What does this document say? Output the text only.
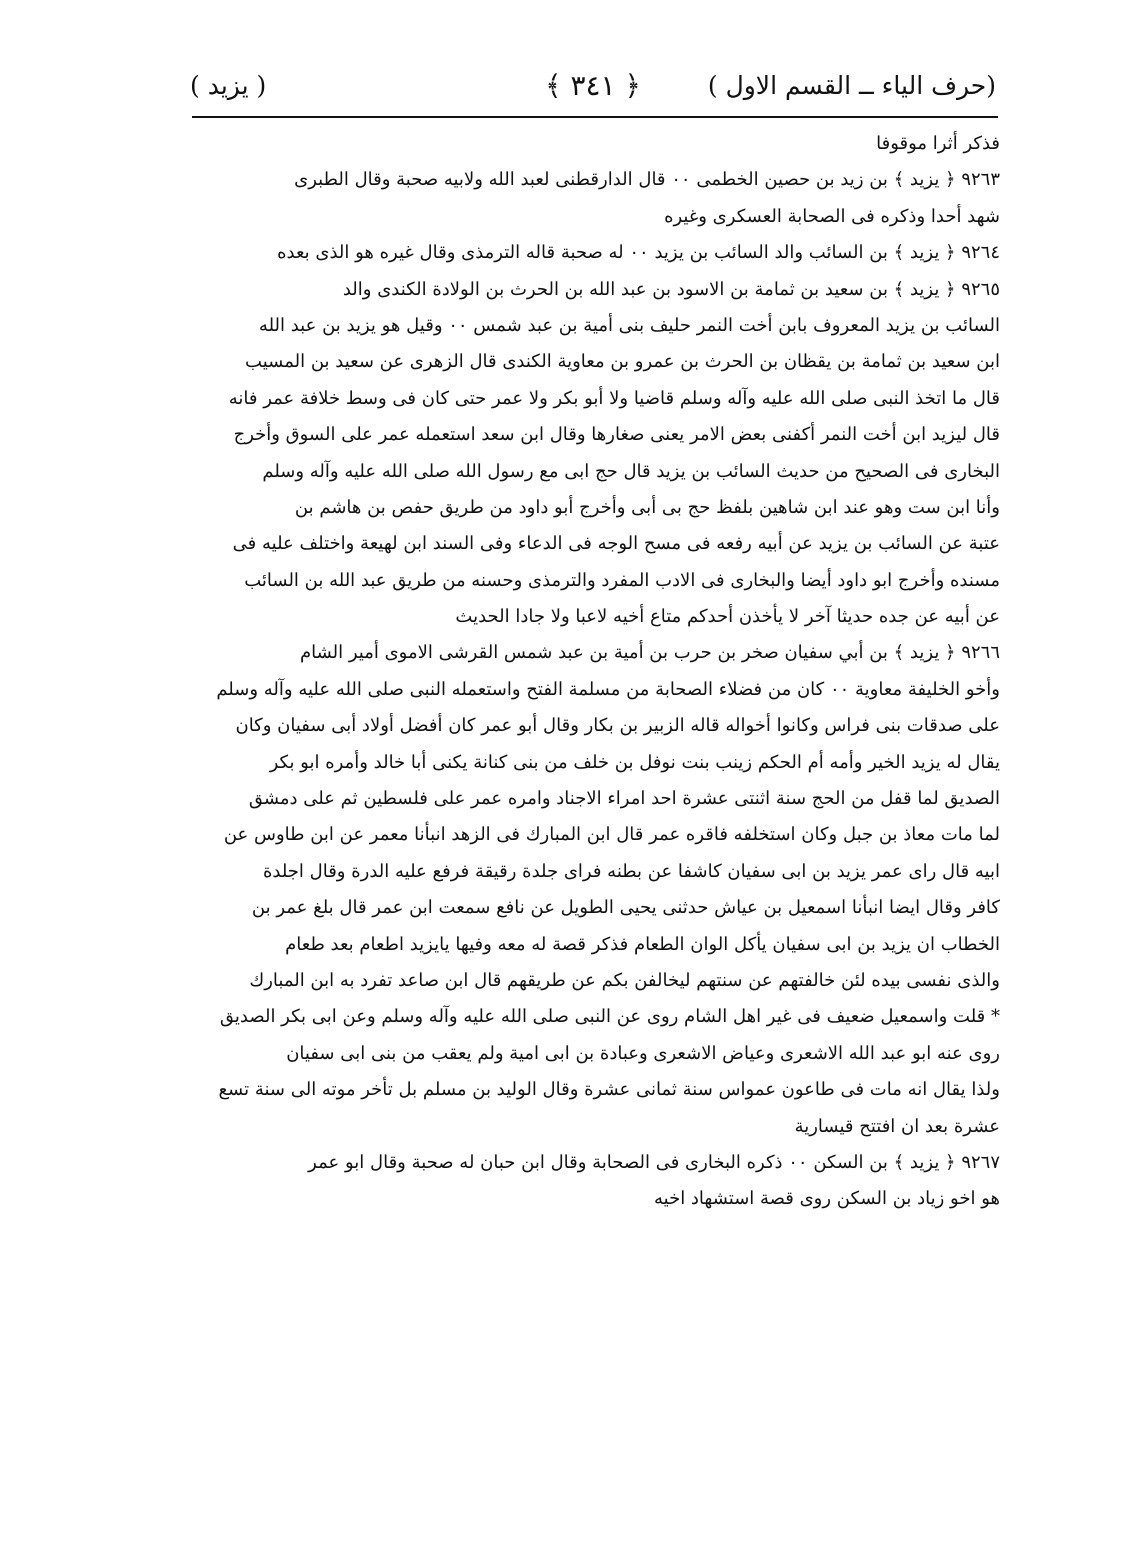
(حرف الياء ــ القسم الاول )
﴿ ٣٤١ ﴾
( يزيد )
فذكر أثرا موقوفا
٩٢٦٣ ﴿ يزيد ﴾ بن زيد بن حصين الخطمى ٠٠ قال الدارقطنى لعبد الله ولابيه صحبة وقال الطبرى
شهد أحدا وذكره فى الصحابة العسكرى وغيره
٩٢٦٤ ﴿ يزيد ﴾ بن السائب والد السائب بن يزيد ٠٠ له صحبة قاله الترمذى وقال غيره هو الذى بعده
٩٢٦٥ ﴿ يزيد ﴾ بن سعيد بن ثمامة بن الاسود بن عبد الله بن الحرث بن الولادة الكندى والد
السائب بن يزيد المعروف بابن أخت النمر حليف بنى أمية بن عبد شمس ٠٠ وقيل هو يزيد بن عبد الله
ابن سعيد بن ثمامة بن يقظان بن الحرث بن عمرو بن معاوية الكندى قال الزهرى عن سعيد بن المسيب
قال ما اتخذ النبى صلى الله عليه وآله وسلم قاضيا ولا أبو بكر ولا عمر حتى كان فى وسط خلافة عمر فانه
قال ليزيد ابن أخت النمر أكفنى بعض الامر يعنى صغارها وقال ابن سعد استعمله عمر على السوق وأخرج
البخارى فى الصحيح من حديث السائب بن يزيد قال حج ابى مع رسول الله صلى الله عليه وآله وسلم
وأنا ابن ست وهو عند ابن شاهين بلفظ حج بى أبى وأخرج أبو داود من طريق حفص بن هاشم بن
عتبة عن السائب بن يزيد عن أبيه رفعه فى مسح الوجه فى الدعاء وفى السند ابن لهيعة واختلف عليه فى
مسنده وأخرج ابو داود أيضا والبخارى فى الادب المفرد والترمذى وحسنه من طريق عبد الله بن السائب
عن أبيه عن جده حديثا آخر لا يأخذن أحدكم متاع أخيه لاعبا ولا جادا الحديث
٩٢٦٦ ﴿ يزيد ﴾ بن أبي سفيان صخر بن حرب بن أمية بن عبد شمس القرشى الاموى أمير الشام
وأخو الخليفة معاوية ٠٠ كان من فضلاء الصحابة من مسلمة الفتح واستعمله النبى صلى الله عليه وآله وسلم
على صدقات بنى فراس وكانوا أخواله قاله الزبير بن بكار وقال أبو عمر كان أفضل أولاد أبى سفيان وكان
يقال له يزيد الخير وأمه أم الحكم زينب بنت نوفل بن خلف من بنى كنانة يكنى أبا خالد وأمره ابو بكر
الصديق لما قفل من الحج سنة اثنتى عشرة احد امراء الاجناد وامره عمر على فلسطين ثم على دمشق
لما مات معاذ بن جبل وكان استخلفه فاقره عمر قال ابن المبارك فى الزهد انبأنا معمر عن ابن طاوس عن
ابيه قال راى عمر يزيد بن ابى سفيان كاشفا عن بطنه فراى جلدة رقيقة فرفع عليه الدرة وقال اجلدة
كافر وقال ايضا انبأنا اسمعيل بن عياش حدثنى يحيى الطويل عن نافع سمعت ابن عمر قال بلغ عمر بن
الخطاب ان يزيد بن ابى سفيان يأكل الوان الطعام فذكر قصة له معه وفيها يايزيد اطعام بعد طعام
والذى نفسى بيده لئن خالفتهم عن سنتهم ليخالفن بكم عن طريقهم قال ابن صاعد تفرد به ابن المبارك
* قلت واسمعيل ضعيف فى غير اهل الشام روى عن النبى صلى الله عليه وآله وسلم وعن ابى بكر الصديق
روى عنه ابو عبد الله الاشعرى وعياض الاشعرى وعبادة بن ابى امية ولم يعقب من بنى ابى سفيان
ولذا يقال انه مات فى طاعون عمواس سنة ثمانى عشرة وقال الوليد بن مسلم بل تأخر موته الى سنة تسع
عشرة بعد ان افتتح قيسارية
٩٢٦٧ ﴿ يزيد ﴾ بن السكن ٠٠ ذكره البخارى فى الصحابة وقال ابن حبان له صحبة وقال ابو عمر
هو اخو زياد بن السكن روى قصة استشهاد اخيه
